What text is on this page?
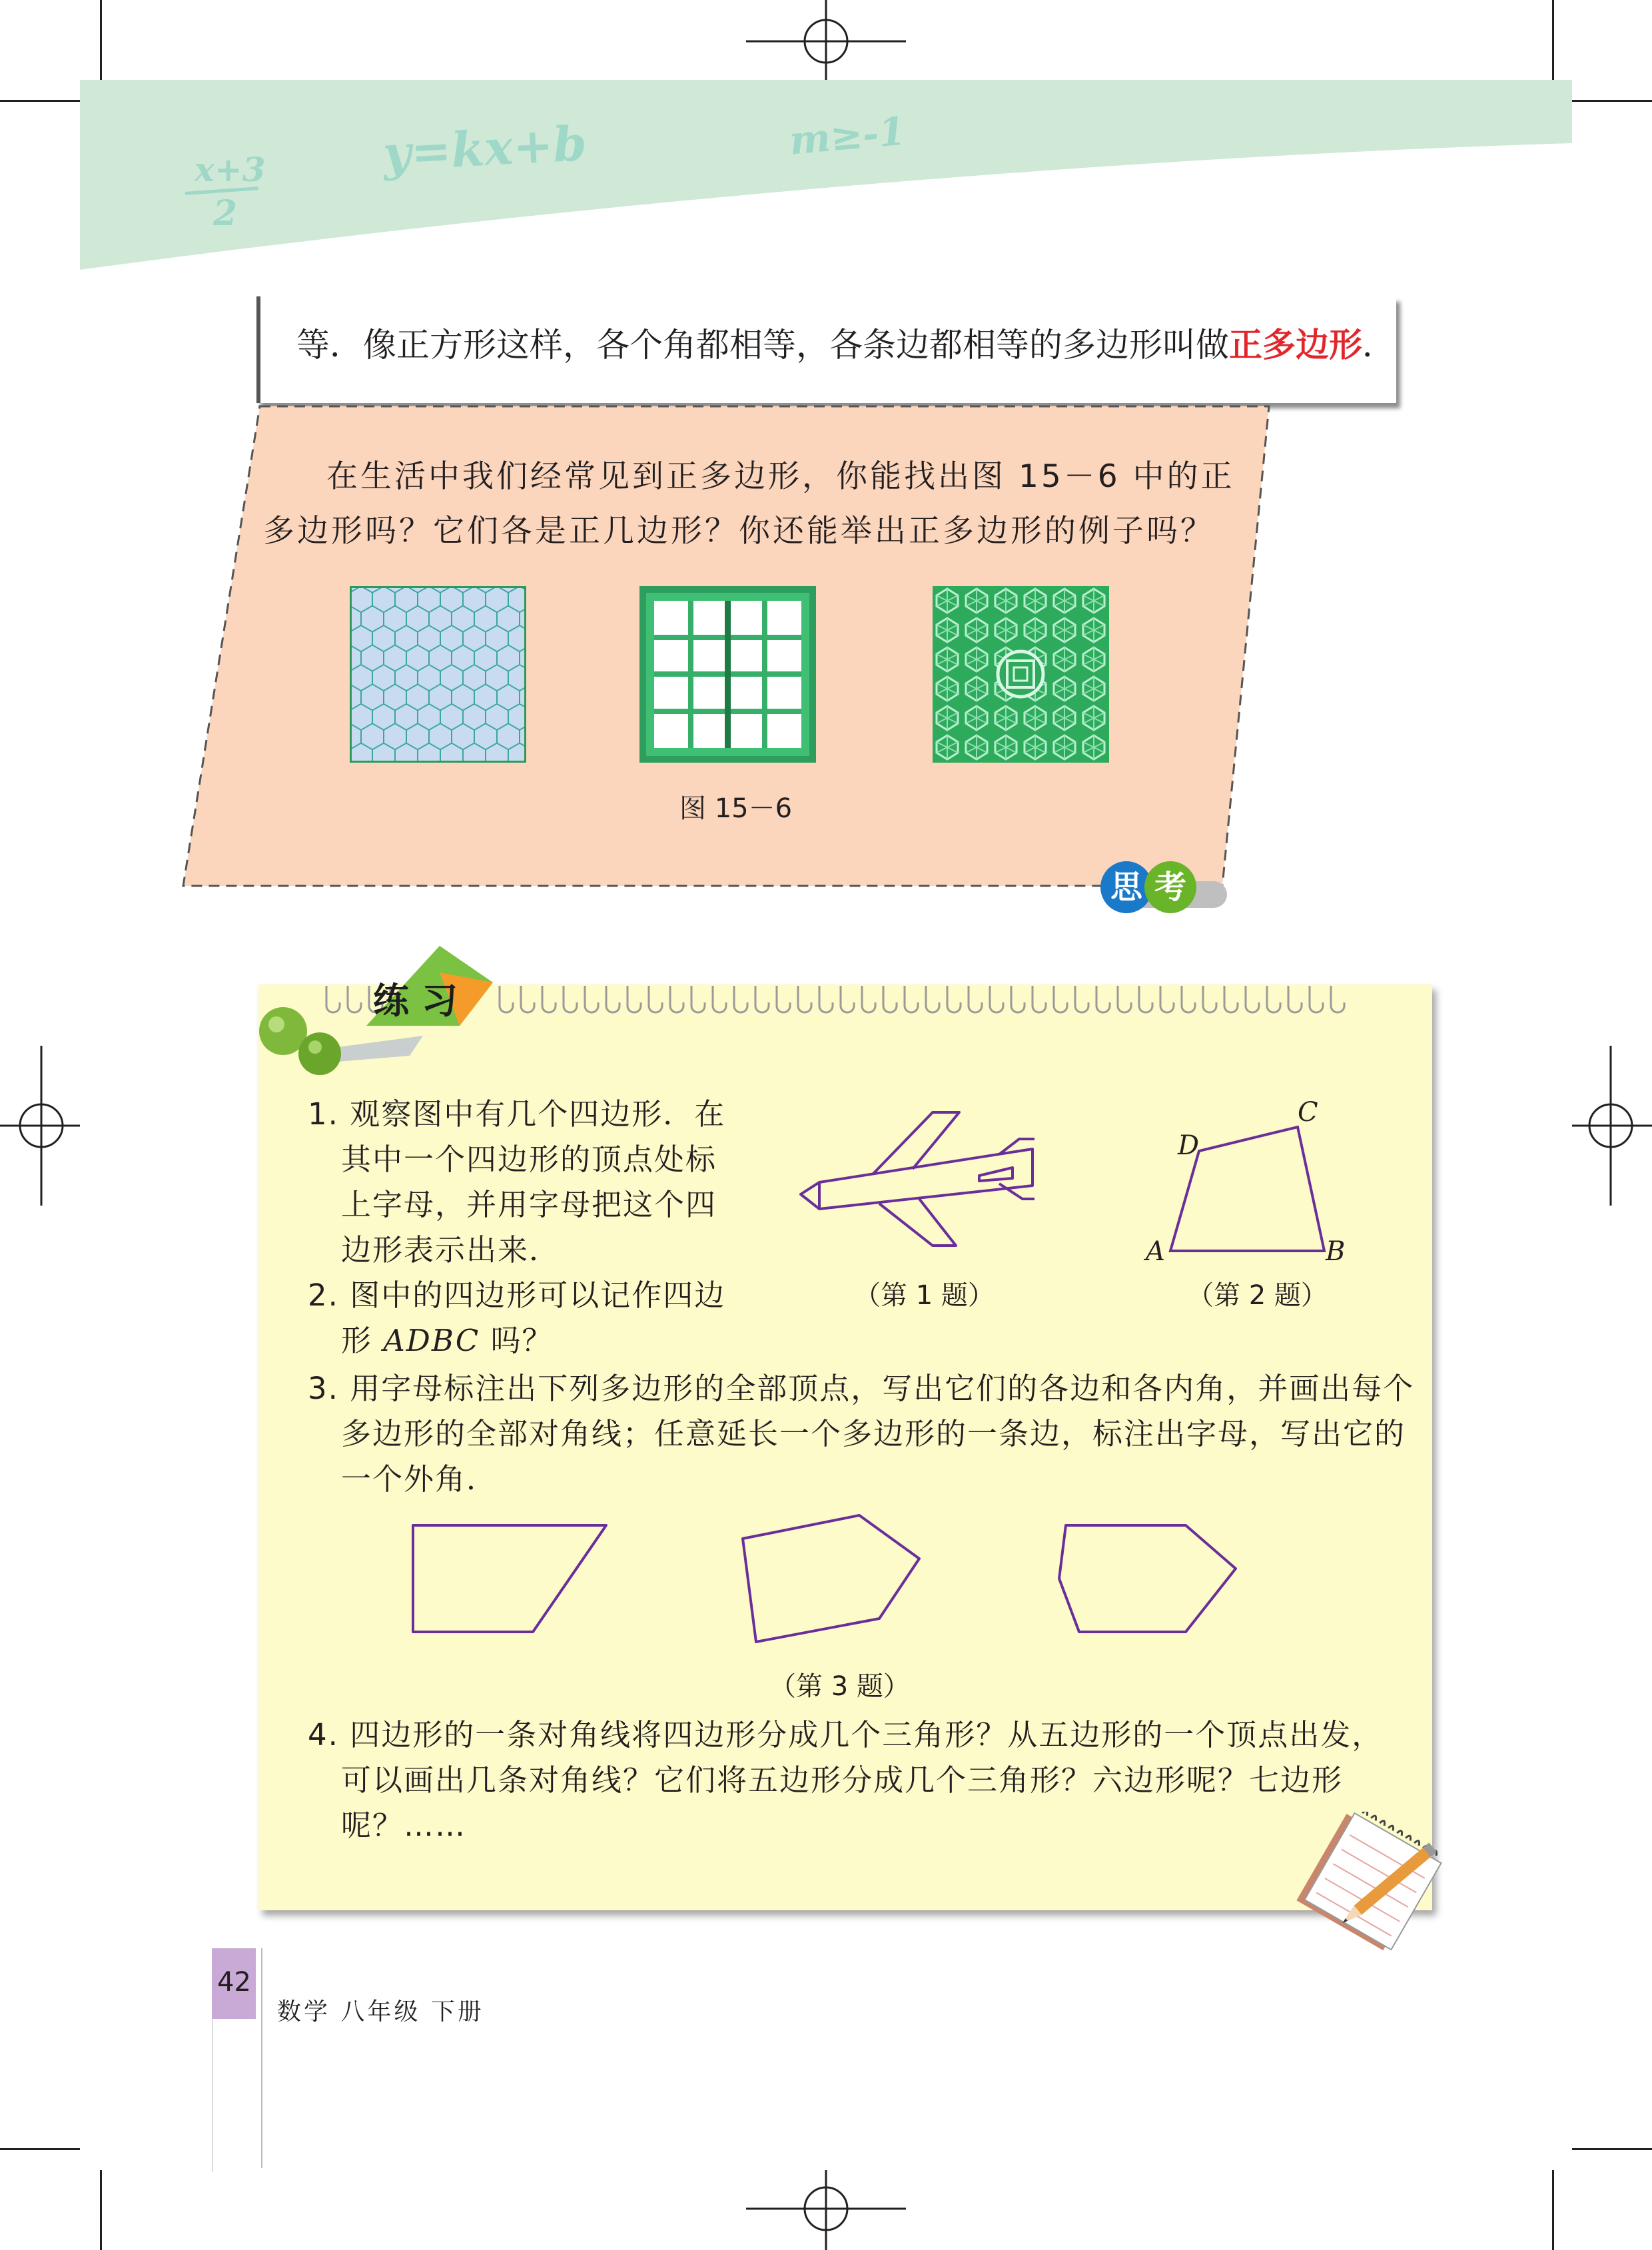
x+3
2
y=kx+b	m≥-1
等．像正方形这样，各个角都相等，各条边都相等的多边形叫做正多边形．
在生活中我们经常见到正多边形，你能找出图 15－6 中的正
多边形吗？它们各是正几边形？你还能举出正多边形的例子吗？
图 15－6
思 考
练 习
1. 观察图中有几个四边形．在
其中一个四边形的顶点处标
上字母，并用字母把这个四
边形表示出来．
2. 图中的四边形可以记作四边
形 ADBC 吗？
（第 1 题）
A	B
C
D
（第 2 题）
3. 用字母标注出下列多边形的全部顶点，写出它们的各边和各内角，并画出每个
多边形的全部对角线；任意延长一个多边形的一条边，标注出字母，写出它的
一个外角．
（第 3 题）
4. 四边形的一条对角线将四边形分成几个三角形？从五边形的一个顶点出发，
可以画出几条对角线？它们将五边形分成几个三角形？六边形呢？七边形
呢？……
42
数学 八年级 下册
